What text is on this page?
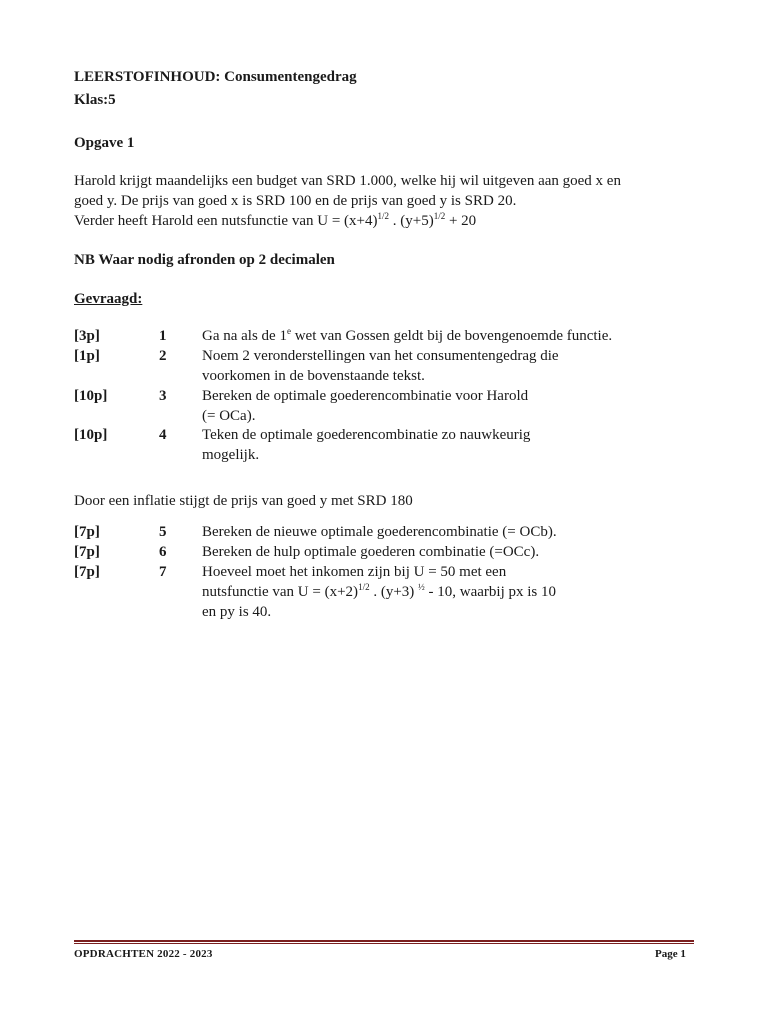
LEERSTOFINHOUD: Consumentengedrag
Klas:5
Opgave 1
Harold krijgt maandelijks een budget van SRD 1.000, welke hij wil uitgeven aan goed x en
goed y. De prijs van goed x is SRD 100 en de prijs van goed y is SRD 20.
Verder heeft Harold een nutsfunctie van $U = (x+4)^{1/2}$ . $(y+5)^{1/2} + 20$
NB Waar nodig afronden op 2 decimalen
Gevraagd:
[3p]	1 Ga na als de 1e wet van Gossen geldt bij de bovengenoemde functie.
[1p]	2 Noem 2 veronderstellingen van het consumentengedrag die
voorkomen in de bovenstaande tekst.
[10p]	3 Bereken de optimale goederencombinatie voor Harold
(= OCa).
[10p]	4 Teken de optimale goederencombinatie zo nauwkeurig
mogelijk.
Door een inflatie stijgt de prijs van goed y met SRD 180
[7p]	5 Bereken de nieuwe optimale goederencombinatie (= OCb).
[7p]	6 Bereken de hulp optimale goederen combinatie (=OCc).
[7p]	7 Hoeveel moet het inkomen zijn bij U = 50 met een
nutsfunctie van $U = (x+2)^{1/2}$ . (y+3) $^{\frac{1}{2}}$ - 10, waarbij px is 10
en py is 40.
OPDRACHTEN 2022 - 2023	Page 1
